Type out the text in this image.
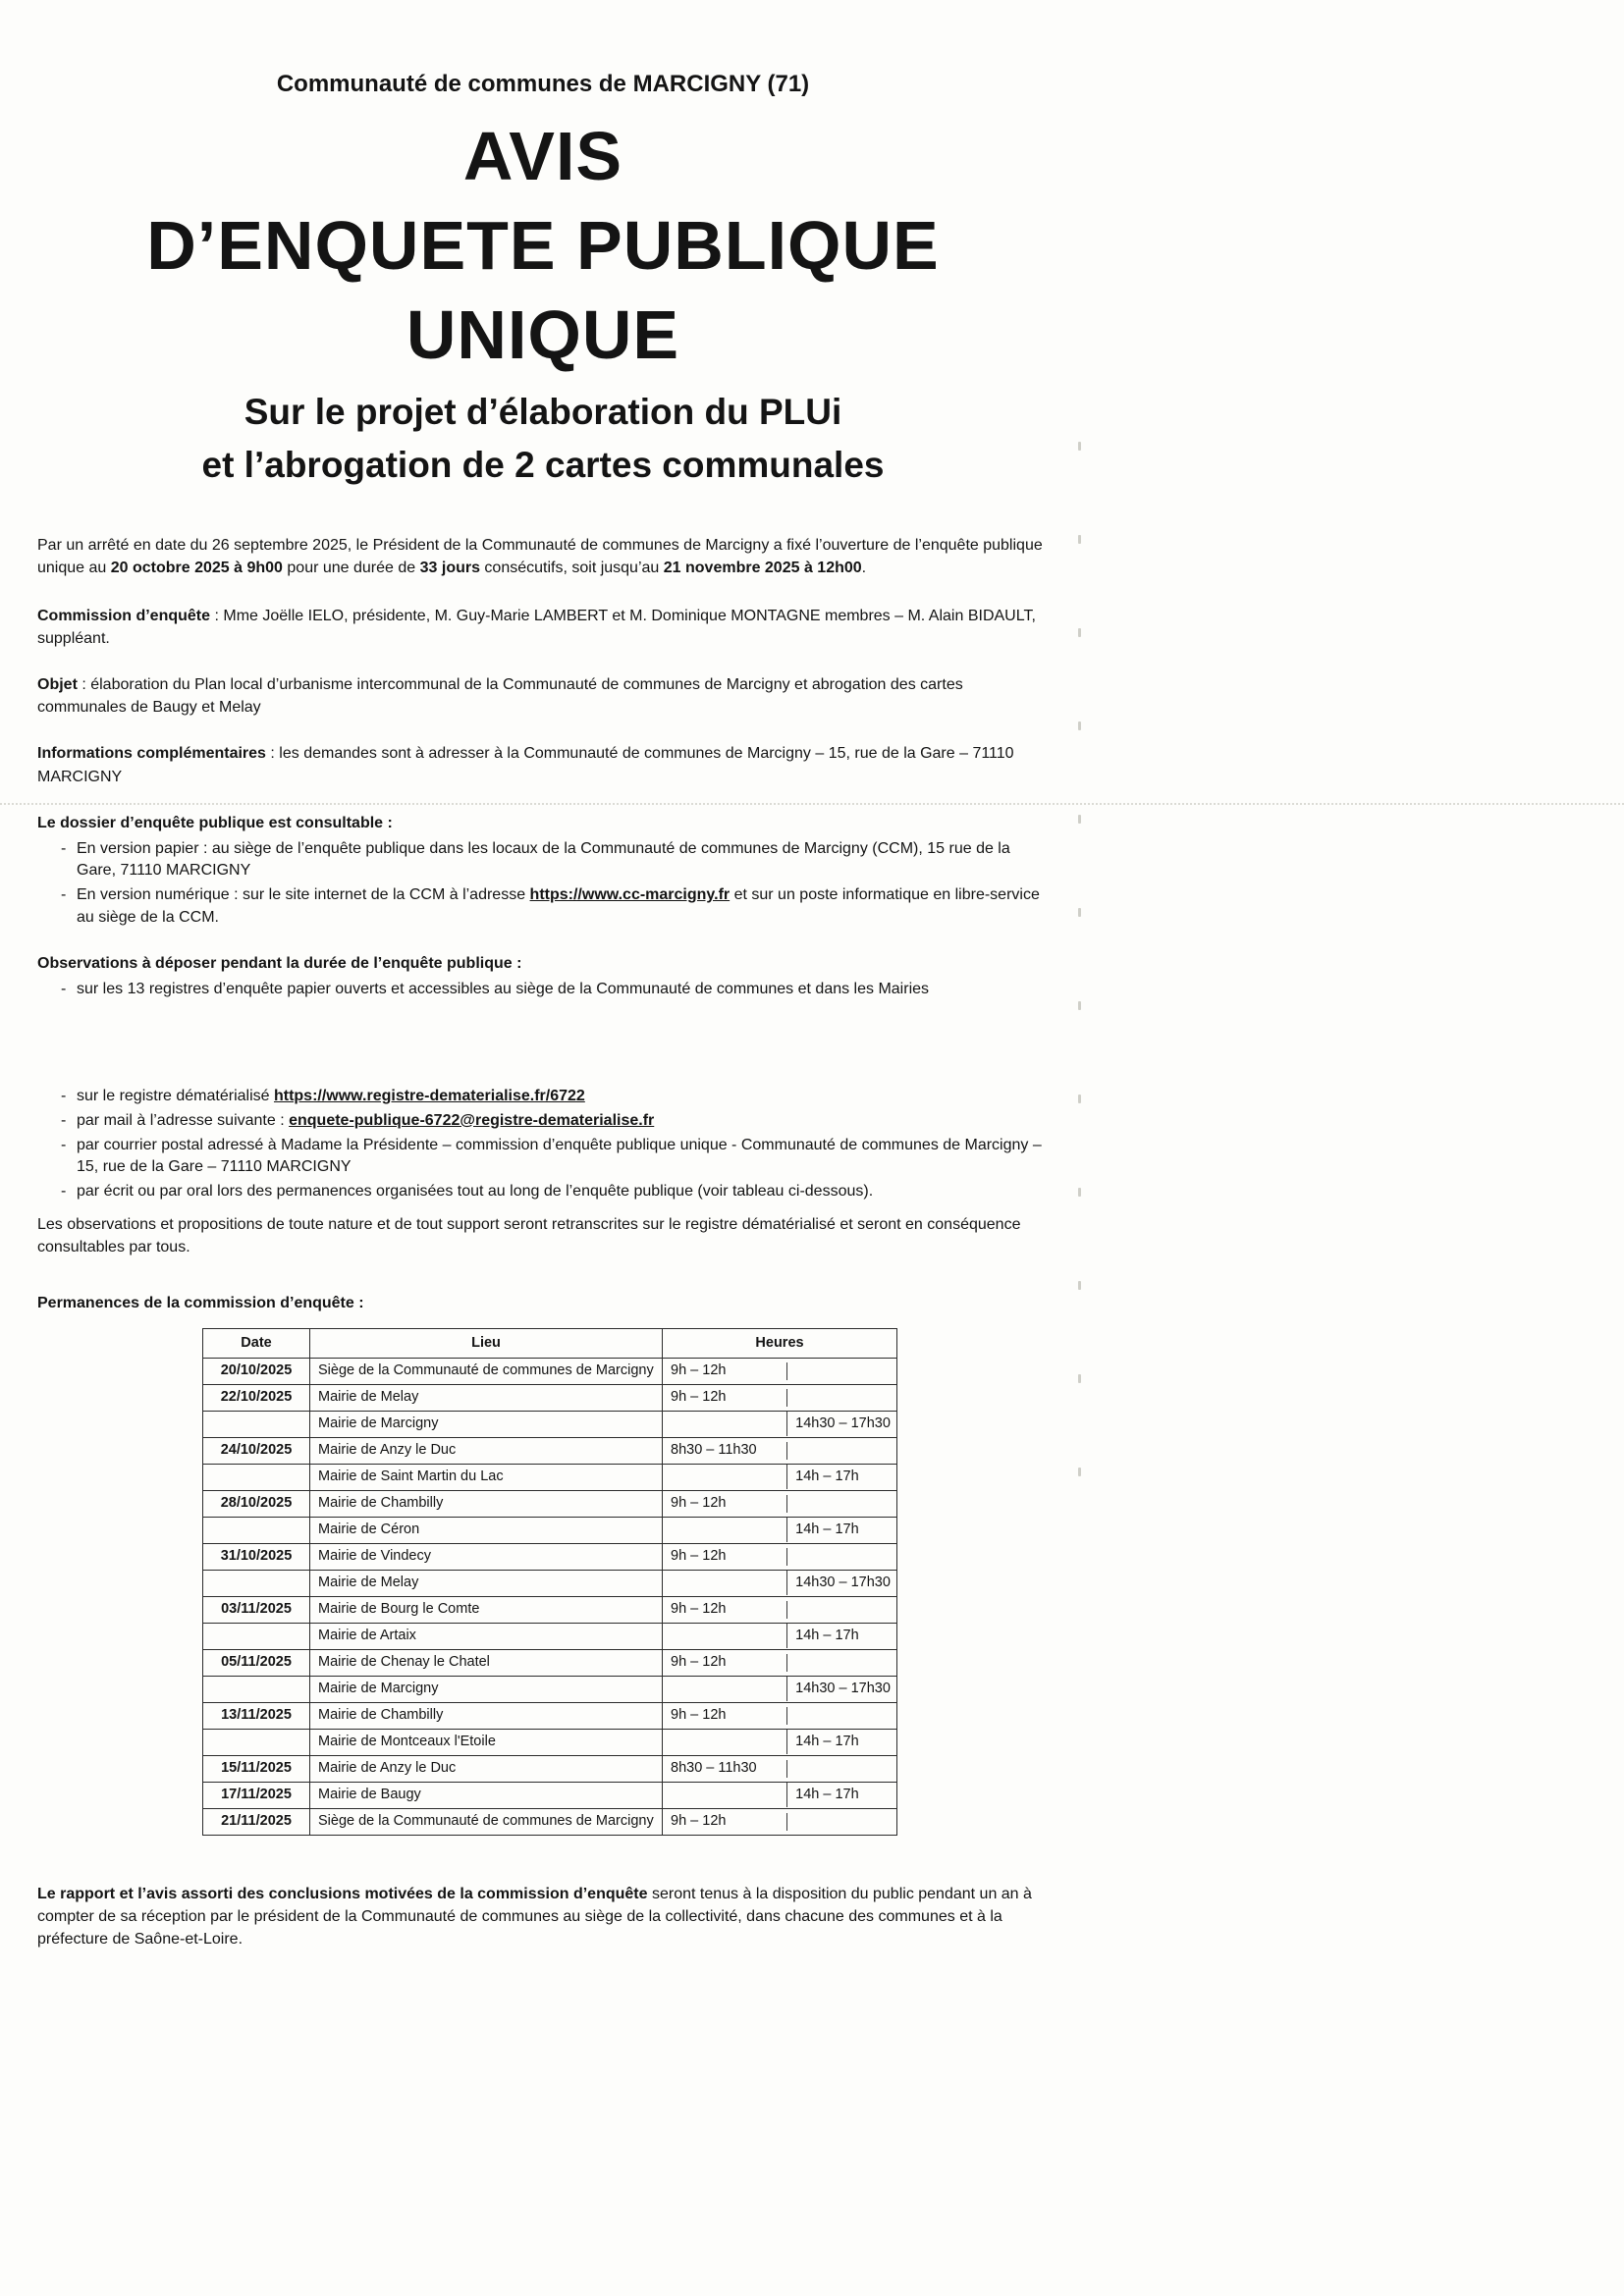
Communauté de communes de MARCIGNY (71)
AVIS
D’ENQUETE PUBLIQUE UNIQUE
Sur le projet d’élaboration du PLUi
et l’abrogation de 2 cartes communales

Par un arrêté en date du 26 septembre 2025, le Président de la Communauté de communes de Marcigny a fixé l’ouverture de l’enquête publique unique au 20 octobre 2025 à 9h00 pour une durée de 33 jours consécutifs, soit jusqu’au 21 novembre 2025 à 12h00.

Commission d’enquête : Mme Joëlle IELO, présidente, M. Guy-Marie LAMBERT et M. Dominique MONTAGNE membres – M. Alain BIDAULT, suppléant.

Objet : élaboration du Plan local d’urbanisme intercommunal de la Communauté de communes de Marcigny et abrogation des cartes communales de Baugy et Melay

Informations complémentaires : les demandes sont à adresser à la Communauté de communes de Marcigny – 15, rue de la Gare – 71110 MARCIGNY

Le dossier d’enquête publique est consultable :

- En version papier : au siège de l’enquête publique dans les locaux de la Communauté de communes de Marcigny (CCM), 15 rue de la Gare, 71110 MARCIGNY
- En version numérique : sur le site internet de la CCM à l’adresse https://www.cc-marcigny.fr et sur un poste informatique en libre-service au siège de la CCM.

Observations à déposer pendant la durée de l’enquête publique :

- sur les 13 registres d’enquête papier ouverts et accessibles au siège de la Communauté de communes et dans les Mairies
- sur le registre dématérialisé https://www.registre-dematerialise.fr/6722
- par mail à l’adresse suivante : enquete-publique-6722@registre-dematerialise.fr
- par courrier postal adressé à Madame la Présidente – commission d’enquête publique unique - Communauté de communes de Marcigny – 15, rue de la Gare – 71110 MARCIGNY
- par écrit ou par oral lors des permanences organisées tout au long de l’enquête publique (voir tableau ci-dessous).

Les observations et propositions de toute nature et de tout support seront retranscrites sur le registre dématérialisé et seront en conséquence consultables par tous.

Permanences de la commission d’enquête :

Date	Lieu	Heures
20/10/2025	Siège de la Communauté de communes de Marcigny	9h – 12h

22/10/2025	Mairie de Melay	9h – 12h

	Mairie de Marcigny	14h30 – 17h30

24/10/2025	Mairie de Anzy le Duc	8h30 – 11h30

	Mairie de Saint Martin du Lac	14h – 17h

28/10/2025	Mairie de Chambilly	9h – 12h

	Mairie de Céron	14h – 17h

31/10/2025	Mairie de Vindecy	9h – 12h

	Mairie de Melay	14h30 – 17h30

03/11/2025	Mairie de Bourg le Comte	9h – 12h

	Mairie de Artaix	14h – 17h

05/11/2025	Mairie de Chenay le Chatel	9h – 12h

	Mairie de Marcigny	14h30 – 17h30

13/11/2025	Mairie de Chambilly	9h – 12h

	Mairie de Montceaux l'Etoile	14h – 17h

15/11/2025	Mairie de Anzy le Duc	8h30 – 11h30

17/11/2025	Mairie de Baugy	14h – 17h

21/11/2025	Siège de la Communauté de communes de Marcigny	9h – 12h

Le rapport et l’avis assorti des conclusions motivées de la commission d’enquête seront tenus à la disposition du public pendant un an à compter de sa réception par le président de la Communauté de communes au siège de la collectivité, dans chacune des communes et à la préfecture de Saône-et-Loire.
